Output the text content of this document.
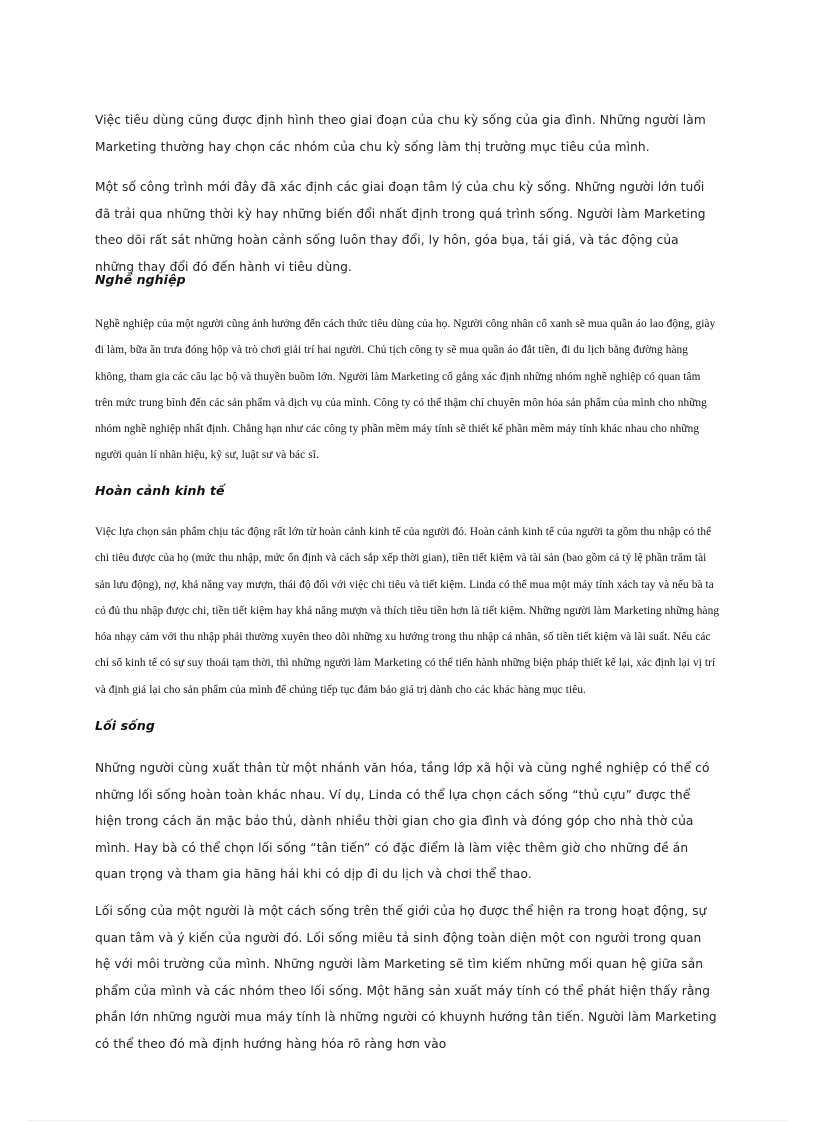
Việc tiêu dùng cũng được định hình theo giai đoạn của chu kỳ sống của gia đình. Những người làm Marketing thường hay chọn các nhóm của chu kỳ sống làm thị trường mục tiêu của mình.

Một số công trình mới đây đã xác định các giai đoạn tâm lý của chu kỳ sống. Những người lớn tuổi đã trải qua những thời kỳ hay những biến đổi nhất định trong quá trình sống. Người làm Marketing theo dõi rất sát những hoàn cảnh sống luôn thay đổi, ly hôn, góa bụa, tái giá, và tác động của những thay đổi đó đến hành vi tiêu dùng.

Nghề nghiệp

Nghề nghiệp của một người cũng ảnh hưởng đến cách thức tiêu dùng của họ. Người công nhân cổ xanh sẽ mua quần áo lao động, giày đi làm, bữa ăn trưa đóng hộp và trò chơi giải trí hai người. Chủ tịch công ty sẽ mua quần áo đắt tiền, đi du lịch bằng đường hàng không, tham gia các câu lạc bộ và thuyền buồm lớn. Người làm Marketing cố gắng xác định những nhóm nghề nghiệp có quan tâm trên mức trung bình đến các sản phẩm và dịch vụ của mình. Công ty có thể thậm chí chuyên môn hóa sản phẩm của mình cho những nhóm nghề nghiệp nhất định. Chẳng hạn như các công ty phần mềm máy tính sẽ thiết kế phần mềm máy tính khác nhau cho những người quản lí nhãn hiệu, kỹ sư, luật sư và bác sĩ.

Hoàn cảnh kinh tế

Việc lựa chọn sản phẩm chịu tác động rất lớn từ hoàn cảnh kinh tế của người đó. Hoàn cảnh kinh tế của người ta gồm thu nhập có thể chi tiêu được của họ (mức thu nhập, mức ổn định và cách sắp xếp thời gian), tiền tiết kiệm và tài sản (bao gồm cả tỷ lệ phần trăm tài sản lưu động), nợ, khả năng vay mượn, thái độ đối với việc chi tiêu và tiết kiệm. Linda có thể mua một máy tính xách tay và nếu bà ta có đủ thu nhập được chi, tiền tiết kiệm hay khả năng mượn và thích tiêu tiền hơn là tiết kiệm. Những người làm Marketing những hàng hóa nhạy cảm với thu nhập phải thường xuyên theo dõi những xu hướng trong thu nhập cá nhân, số tiền tiết kiệm và lãi suất. Nếu các chỉ số kinh tế có sự suy thoái tạm thời, thì những người làm Marketing có thể tiến hành những biện pháp thiết kế lại, xác định lại vị trí và định giá lại cho sản phẩm của mình để chúng tiếp tục đảm bảo giá trị dành cho các khác hàng mục tiêu.

Lối sống

Những người cùng xuất thân từ một nhánh văn hóa, tầng lớp xã hội và cùng nghề nghiệp có thể có những lối sống hoàn toàn khác nhau. Ví dụ, Linda có thể lựa chọn cách sống “thủ cựu” được thể hiện trong cách ăn mặc bảo thủ, dành nhiều thời gian cho gia đình và đóng góp cho nhà thờ của mình. Hay bà có thể chọn lối sống “tân tiến” có đặc điểm là làm việc thêm giờ cho những đề án quan trọng và tham gia hăng hái khi có dịp đi du lịch và chơi thể thao.

Lối sống của một người là một cách sống trên thế giới của họ được thể hiện ra trong hoạt động, sự quan tâm và ý kiến của người đó. Lối sống miêu tả sinh động toàn diện một con người trong quan hệ với môi trường của mình. Những người làm Marketing sẽ tìm kiếm những mối quan hệ giữa sản phẩm của mình và các nhóm theo lối sống. Một hãng sản xuất máy tính có thể phát hiện thấy rằng phần lớn những người mua máy tính là những người có khuynh hướng tân tiến. Người làm Marketing có thể theo đó mà định hướng hàng hóa rõ ràng hơn vào
